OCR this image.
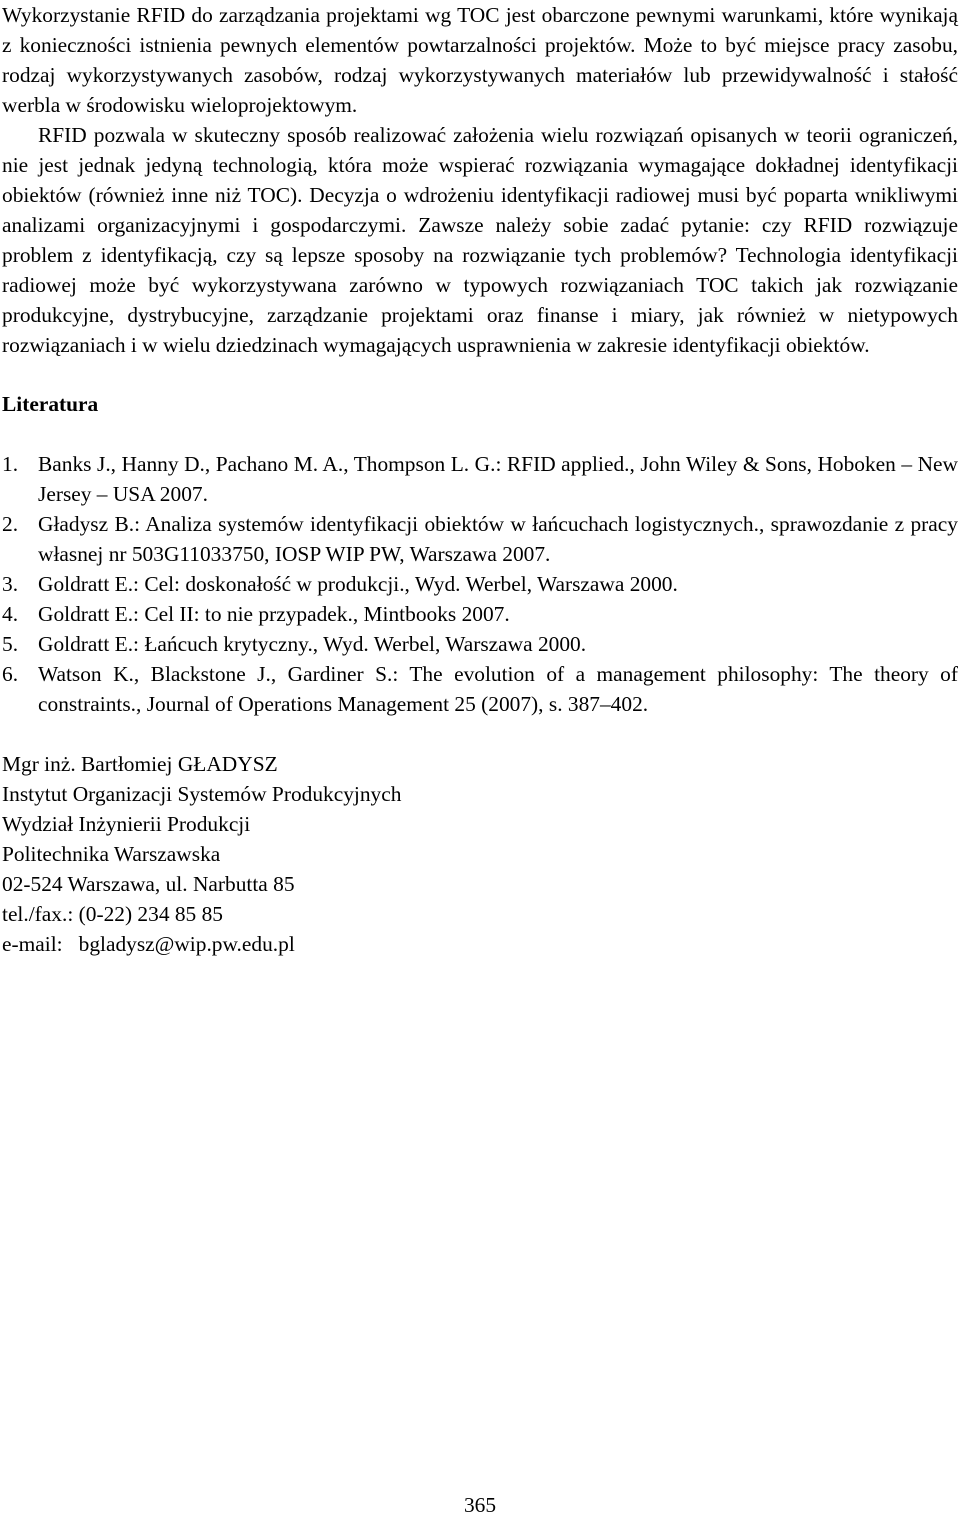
Wykorzystanie RFID do zarządzania projektami wg TOC jest obarczone pewnymi warunkami, które wynikają z konieczności istnienia pewnych elementów powtarzalności projektów. Może to być miejsce pracy zasobu, rodzaj wykorzystywanych zasobów, rodzaj wykorzystywanych materiałów lub przewidywalność i stałość werbla w środowisku wieloprojektowym.

RFID pozwala w skuteczny sposób realizować założenia wielu rozwiązań opisanych w teorii ograniczeń, nie jest jednak jedyną technologią, która może wspierać rozwiązania wymagające dokładnej identyfikacji obiektów (również inne niż TOC). Decyzja o wdrożeniu identyfikacji radiowej musi być poparta wnikliwymi analizami organizacyjnymi i gospodarczymi. Zawsze należy sobie zadać pytanie: czy RFID rozwiązuje problem z identyfikacją, czy są lepsze sposoby na rozwiązanie tych problemów? Technologia identyfikacji radiowej może być wykorzystywana zarówno w typowych rozwiązaniach TOC takich jak rozwiązanie produkcyjne, dystrybucyjne, zarządzanie projektami oraz finanse i miary, jak również w nietypowych rozwiązaniach i w wielu dziedzinach wymagających usprawnienia w zakresie identyfikacji obiektów.

Literatura
1. Banks J., Hanny D., Pachano M. A., Thompson L. G.: RFID applied., John Wiley & Sons, Hoboken – New Jersey – USA 2007.
2. Gładysz B.: Analiza systemów identyfikacji obiektów w łańcuchach logistycznych., sprawozdanie z pracy własnej nr 503G11033750, IOSP WIP PW, Warszawa 2007.
3. Goldratt E.: Cel: doskonałość w produkcji., Wyd. Werbel, Warszawa 2000.
4. Goldratt E.: Cel II: to nie przypadek., Mintbooks 2007.
5. Goldratt E.: Łańcuch krytyczny., Wyd. Werbel, Warszawa 2000.
6. Watson K., Blackstone J., Gardiner S.: The evolution of a management philosophy: The theory of constraints., Journal of Operations Management 25 (2007), s. 387–402.
Mgr inż. Bartłomiej GŁADYSZ
Instytut Organizacji Systemów Produkcyjnych
Wydział Inżynierii Produkcji
Politechnika Warszawska
02-524 Warszawa, ul. Narbutta 85
tel./fax.: (0-22) 234 85 85
e-mail:   bgladysz@wip.pw.edu.pl
365
